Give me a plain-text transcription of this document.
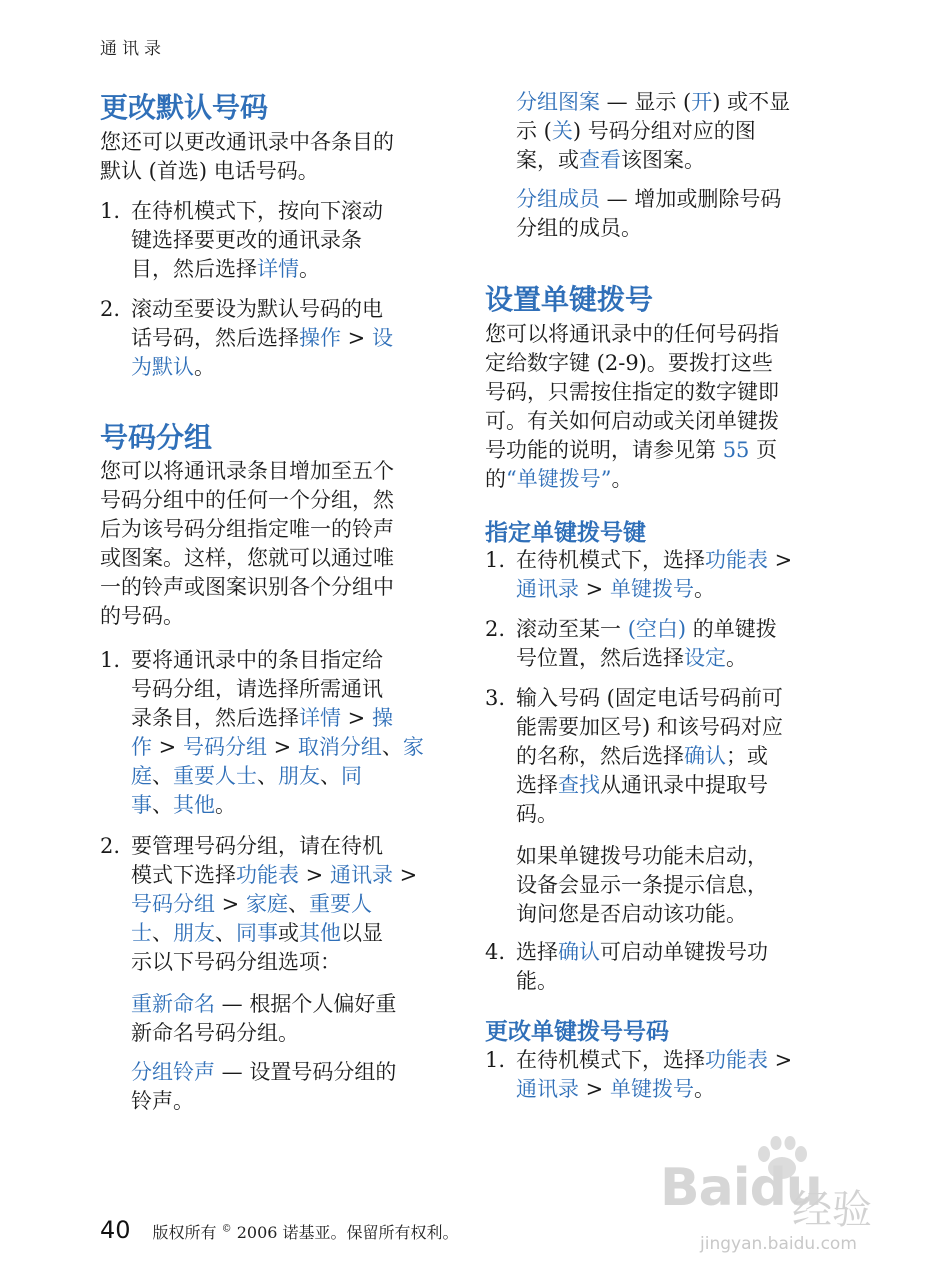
通讯录
更改默认号码
您还可以更改通讯录中各条目的
默认 (首选) 电话号码。
1. 在待机模式下，按向下滚动
键选择要更改的通讯录条
目，然后选择详情。
2. 滚动至要设为默认号码的电
话号码，然后选择操作 > 设
为默认。
号码分组
您可以将通讯录条目增加至五个
号码分组中的任何一个分组，然
后为该号码分组指定唯一的铃声
或图案。这样，您就可以通过唯
一的铃声或图案识别各个分组中
的号码。
1. 要将通讯录中的条目指定给
号码分组，请选择所需通讯
录条目，然后选择详情 > 操
作 > 号码分组 > 取消分组、家
庭、重要人士、朋友、同
事、其他。
2. 要管理号码分组，请在待机
模式下选择功能表 > 通讯录 >
号码分组 > 家庭、重要人
士、朋友、同事或其他以显
示以下号码分组选项：
重新命名 — 根据个人偏好重
新命名号码分组。
分组铃声 — 设置号码分组的
铃声。
分组图案 — 显示 (开) 或不显
示 (关) 号码分组对应的图
案，或查看该图案。
分组成员 — 增加或删除号码
分组的成员。
设置单键拨号
您可以将通讯录中的任何号码指
定给数字键 (2-9)。要拨打这些
号码，只需按住指定的数字键即
可。有关如何启动或关闭单键拨
号功能的说明，请参见第 55 页
的“单键拨号”。
指定单键拨号键
1. 在待机模式下，选择功能表 >
通讯录 > 单键拨号。
2. 滚动至某一 (空白) 的单键拨
号位置，然后选择设定。
3. 输入号码 (固定电话号码前可
能需要加区号) 和该号码对应
的名称，然后选择确认；或
选择查找从通讯录中提取号
码。
如果单键拨号功能未启动，
设备会显示一条提示信息，
询问您是否启动该功能。
4. 选择确认可启动单键拨号功
能。
更改单键拨号号码
1. 在待机模式下，选择功能表 >
通讯录 > 单键拨号。
40 版权所有 © 2006 诺基亚。保留所有权利。
Baidu
经验
jingyan.baidu.com
